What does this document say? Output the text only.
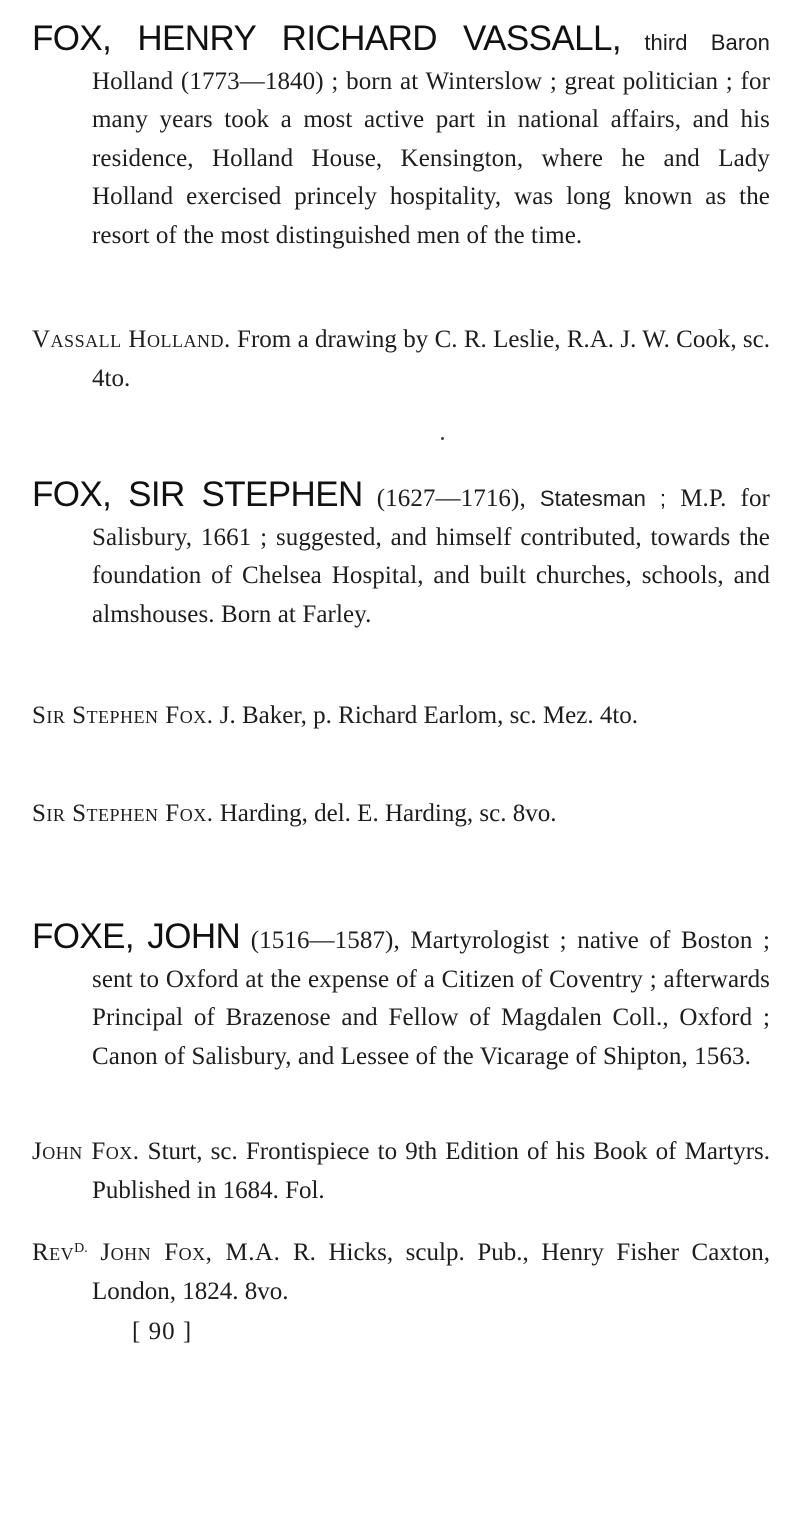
FOX, HENRY RICHARD VASSALL, third Baron Holland (1773—1840) ; born at Winterslow ; great politician ; for many years took a most active part in national affairs, and his residence, Holland House, Kensington, where he and Lady Holland exercised princely hospitality, was long known as the resort of the most distinguished men of the time.

Vassall Holland. From a drawing by C. R. Leslie, R.A. J. W. Cook, sc. 4to.

FOX, SIR STEPHEN (1627—1716), Statesman ; M.P. for Salisbury, 1661 ; suggested, and himself contributed, towards the foundation of Chelsea Hospital, and built churches, schools, and almshouses. Born at Farley.

Sir Stephen Fox. J. Baker, p. Richard Earlom, sc. Mez. 4to.

Sir Stephen Fox. Harding, del. E. Harding, sc. 8vo.

FOXE, JOHN (1516—1587), Martyrologist ; native of Boston ; sent to Oxford at the expense of a Citizen of Coventry ; afterwards Principal of Brazenose and Fellow of Magdalen Coll., Oxford ; Canon of Salisbury, and Lessee of the Vicarage of Shipton, 1563.

John Fox. Sturt, sc. Frontispiece to 9th Edition of his Book of Martyrs. Published in 1684. Fol.

Rev$^{D.}$ John Fox, M.A. R. Hicks, sculp. Pub., Henry Fisher Caxton, London, 1824. 8vo.

[ 90 ]
